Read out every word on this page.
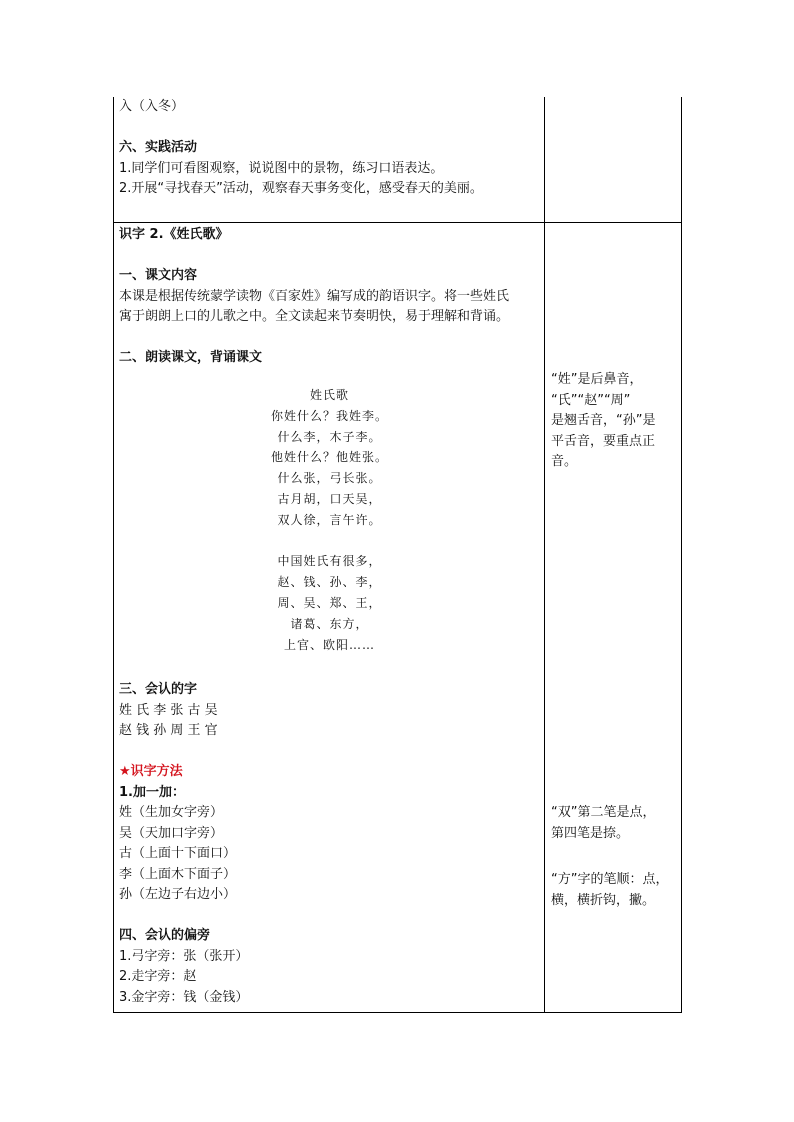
入（入冬）

六、实践活动

1.同学们可看图观察，说说图中的景物，练习口语表达。

2.开展“寻找春天”活动，观察春天事务变化，感受春天的美丽。

识字 2.《姓氏歌》

一、课文内容

本课是根据传统蒙学读物《百家姓》编写成的韵语识字。将一些姓氏

寓于朗朗上口的儿歌之中。全文读起来节奏明快，易于理解和背诵。

二、朗读课文，背诵课文

姓氏歌

你姓什么？我姓李。

什么李，木子李。

他姓什么？他姓张。

什么张，弓长张。

古月胡，口天吴，

双人徐，言午许。

中国姓氏有很多，

赵、钱、孙、李，

周、吴、郑、王，

诸葛、东方，

上官、欧阳……

三、会认的字

姓 氏 李 张 古 吴

赵 钱 孙 周 王 官

★识字方法

1.加一加：

姓（生加女字旁）

吴（天加口字旁）

古（上面十下面口）

李（上面木下面子）

孙（左边子右边小）

四、会认的偏旁

1.弓字旁：张（张开）

2.走字旁：赵

3.金字旁：钱（金钱）

“姓”是后鼻音，

“氏”“赵”“周”

是翘舌音，“孙”是

平舌音，要重点正

音。

“双”第二笔是点，

第四笔是捺。

“方”字的笔顺：点，

横，横折钩，撇。
